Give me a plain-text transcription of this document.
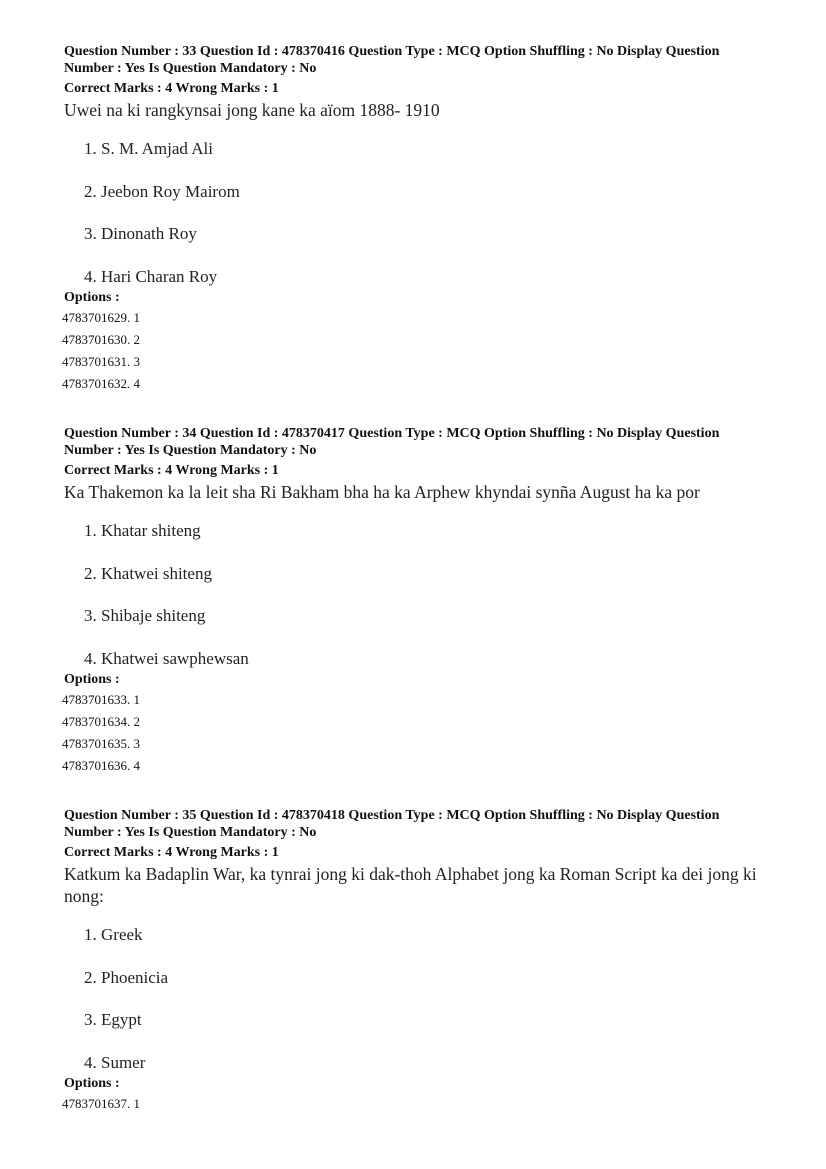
Question Number : 33 Question Id : 478370416 Question Type : MCQ Option Shuffling : No Display Question
Number : Yes Is Question Mandatory : No
Correct Marks : 4 Wrong Marks : 1
Uwei na ki rangkynsai jong kane ka aïom 1888- 1910
1. S. M. Amjad Ali
2. Jeebon Roy Mairom
3. Dinonath Roy
4. Hari Charan Roy
Options :
4783701629. 1
4783701630. 2
4783701631. 3
4783701632. 4
Question Number : 34 Question Id : 478370417 Question Type : MCQ Option Shuffling : No Display Question
Number : Yes Is Question Mandatory : No
Correct Marks : 4 Wrong Marks : 1
Ka Thakemon ka la leit sha Ri Bakham bha ha ka Arphew khyndai synña August ha ka por
1. Khatar shiteng
2. Khatwei shiteng
3. Shibaje shiteng
4. Khatwei sawphewsan
Options :
4783701633. 1
4783701634. 2
4783701635. 3
4783701636. 4
Question Number : 35 Question Id : 478370418 Question Type : MCQ Option Shuffling : No Display Question
Number : Yes Is Question Mandatory : No
Correct Marks : 4 Wrong Marks : 1
Katkum ka Badaplin War, ka tynrai jong ki dak-thoh Alphabet jong ka Roman Script ka dei jong ki nong:
1. Greek
2. Phoenicia
3. Egypt
4. Sumer
Options :
4783701637. 1
